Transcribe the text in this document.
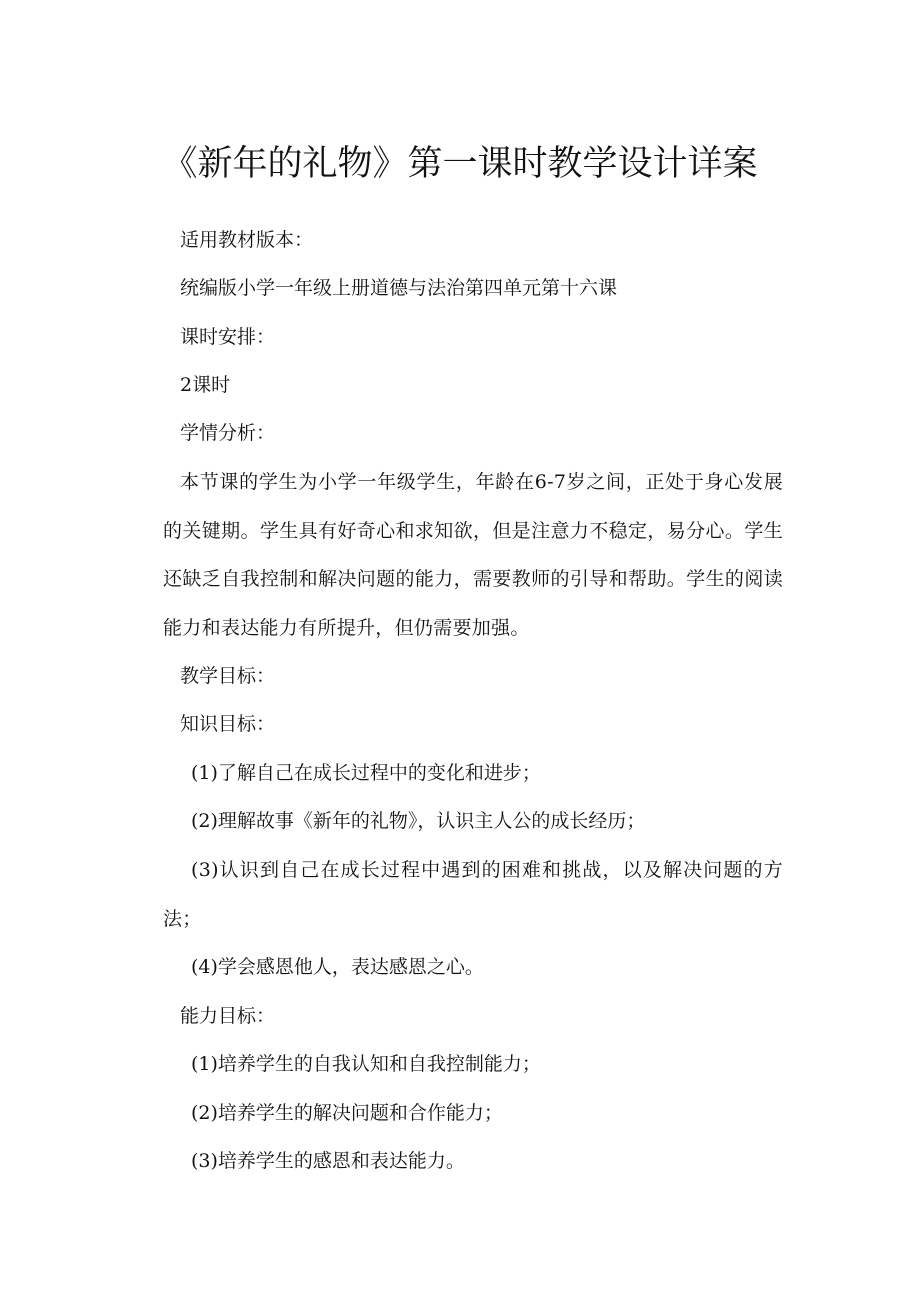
《新年的礼物》第一课时教学设计详案
适用教材版本：
统编版小学一年级上册道德与法治第四单元第十六课
课时安排：
2课时
学情分析：
本节课的学生为小学一年级学生，年龄在6-7岁之间，正处于身心发展的关键期。学生具有好奇心和求知欲，但是注意力不稳定，易分心。学生还缺乏自我控制和解决问题的能力，需要教师的引导和帮助。学生的阅读能力和表达能力有所提升，但仍需要加强。
教学目标：
知识目标：
(1)了解自己在成长过程中的变化和进步；
(2)理解故事《新年的礼物》，认识主人公的成长经历；
(3)认识到自己在成长过程中遇到的困难和挑战，以及解决问题的方法；
(4)学会感恩他人，表达感恩之心。
能力目标：
(1)培养学生的自我认知和自我控制能力；
(2)培养学生的解决问题和合作能力；
(3)培养学生的感恩和表达能力。
